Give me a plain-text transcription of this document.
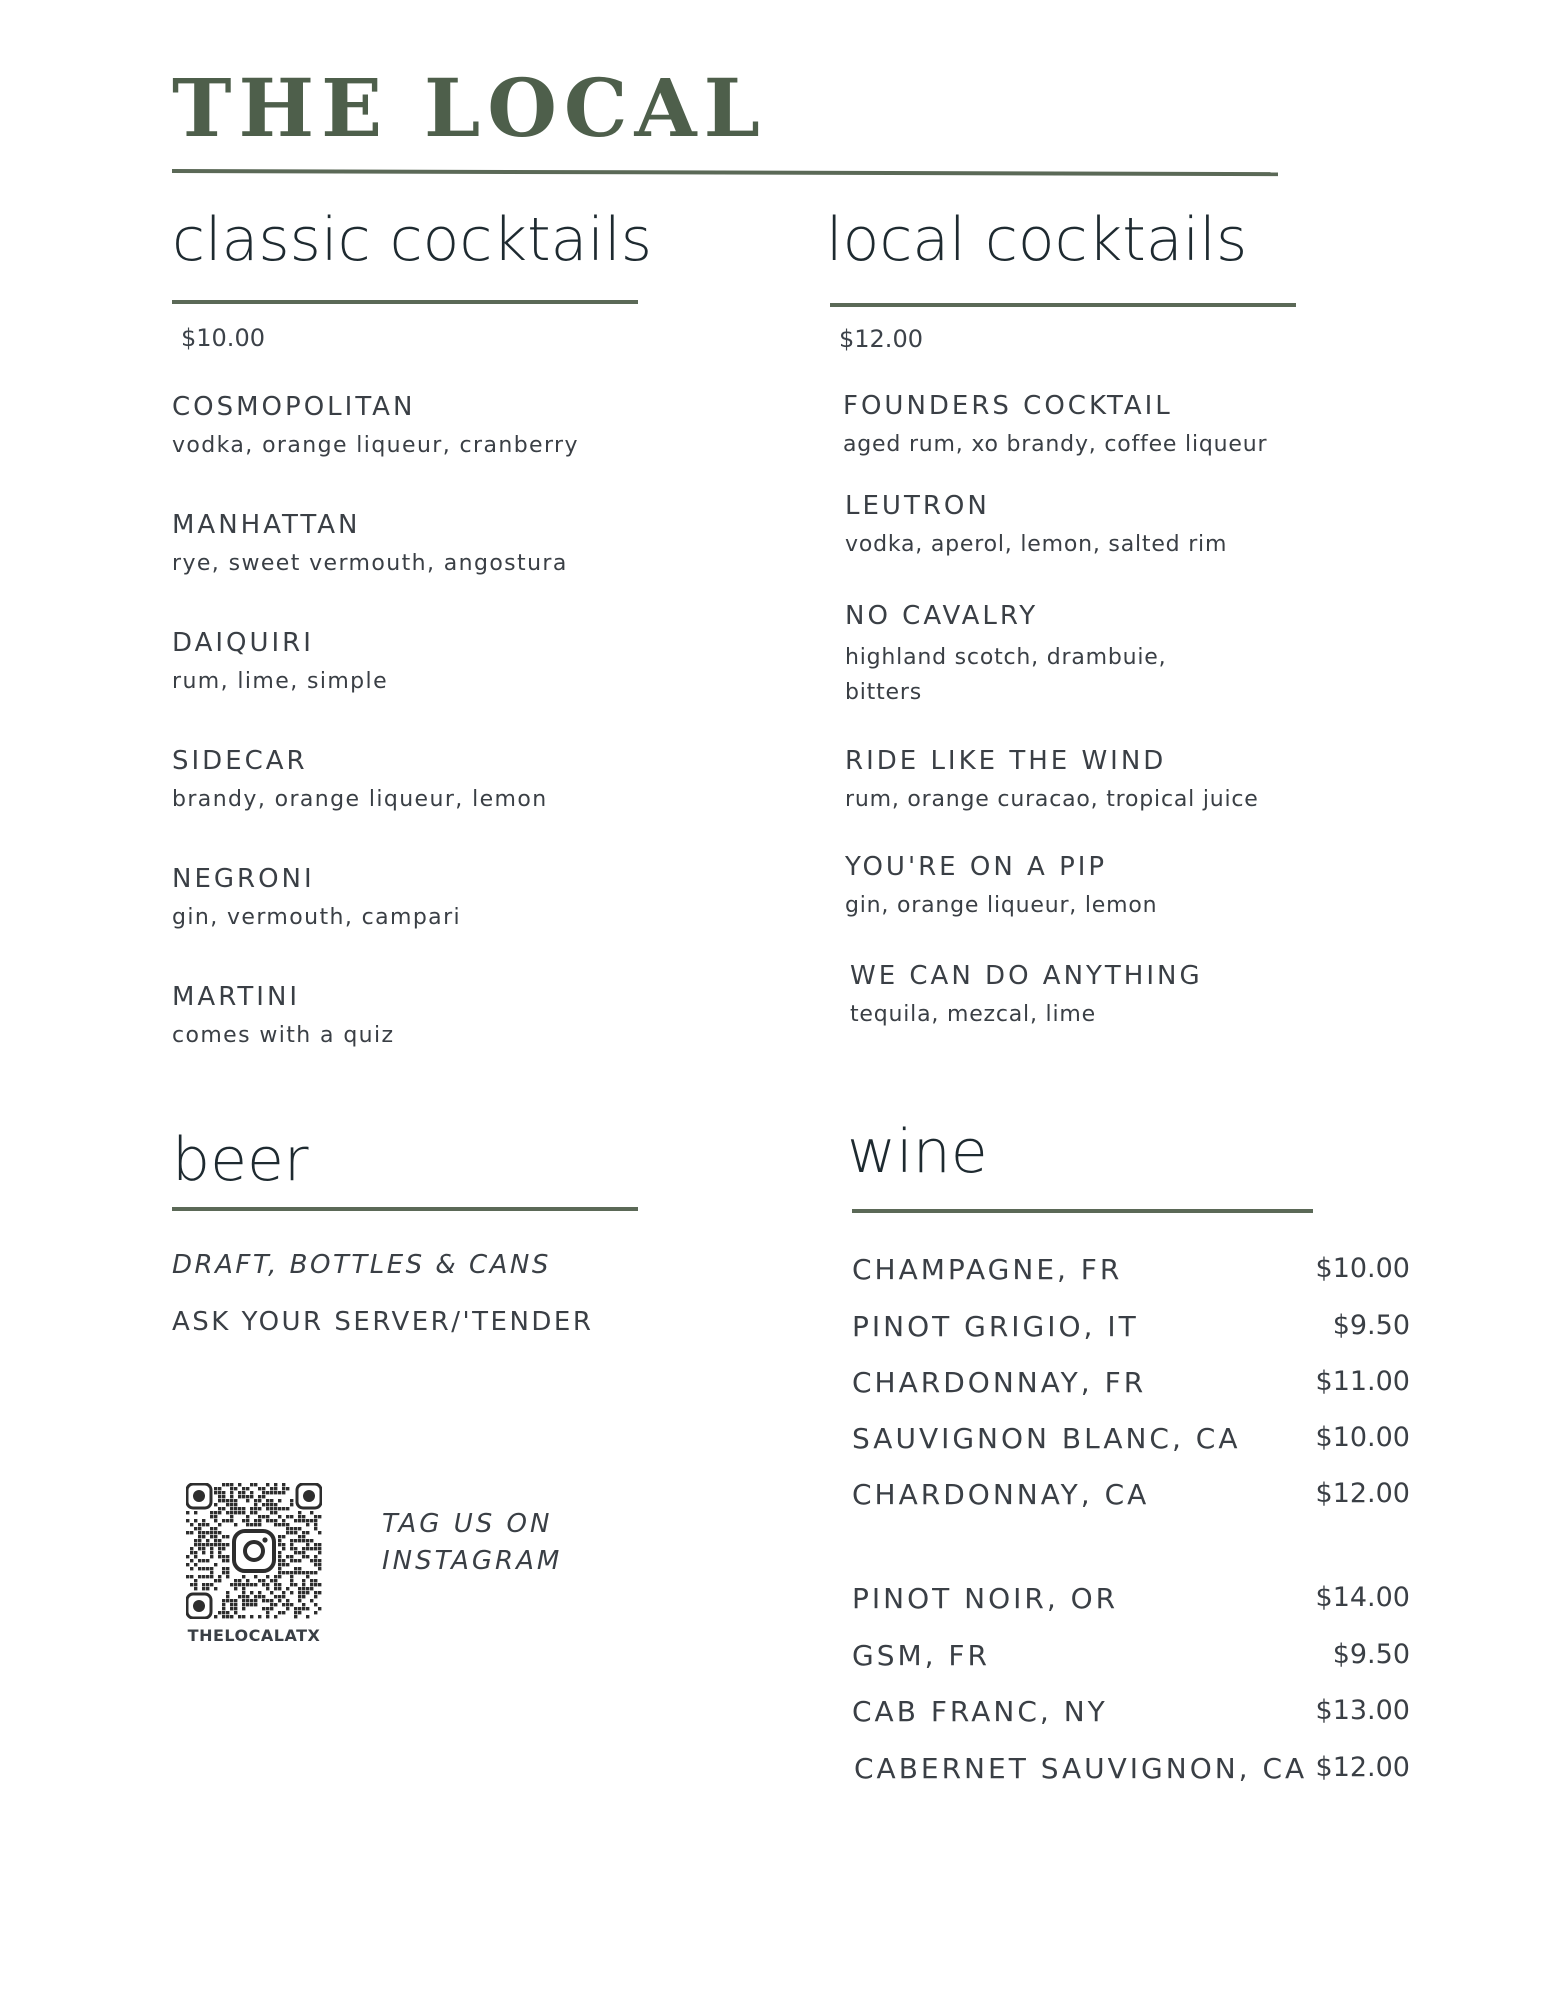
THE LOCAL
classic cocktails
$10.00
COSMOPOLITAN
vodka, orange liqueur, cranberry
MANHATTAN
rye, sweet vermouth, angostura
DAIQUIRI
rum, lime, simple
SIDECAR
brandy, orange liqueur, lemon
NEGRONI
gin, vermouth, campari
MARTINI
comes with a quiz
local cocktails
$12.00
FOUNDERS COCKTAIL
aged rum, xo brandy, coffee liqueur
LEUTRON
vodka, aperol, lemon, salted rim
NO CAVALRY
highland scotch, drambuie,
bitters
RIDE LIKE THE WIND
rum, orange curacao, tropical juice
YOU'RE ON A PIP
gin, orange liqueur, lemon
WE CAN DO ANYTHING
tequila, mezcal, lime
beer
DRAFT, BOTTLES & CANS
ASK YOUR SERVER/'TENDER
wine
CHAMPAGNE, FR	$10.00
PINOT GRIGIO, IT	$9.50
CHARDONNAY, FR	$11.00
SAUVIGNON BLANC, CA	$10.00
CHARDONNAY, CA	$12.00
PINOT NOIR, OR	$14.00
GSM, FR	$9.50
CAB FRANC, NY	$13.00
CABERNET SAUVIGNON, CA $12.00
THELOCALATX
TAG US ON
INSTAGRAM
